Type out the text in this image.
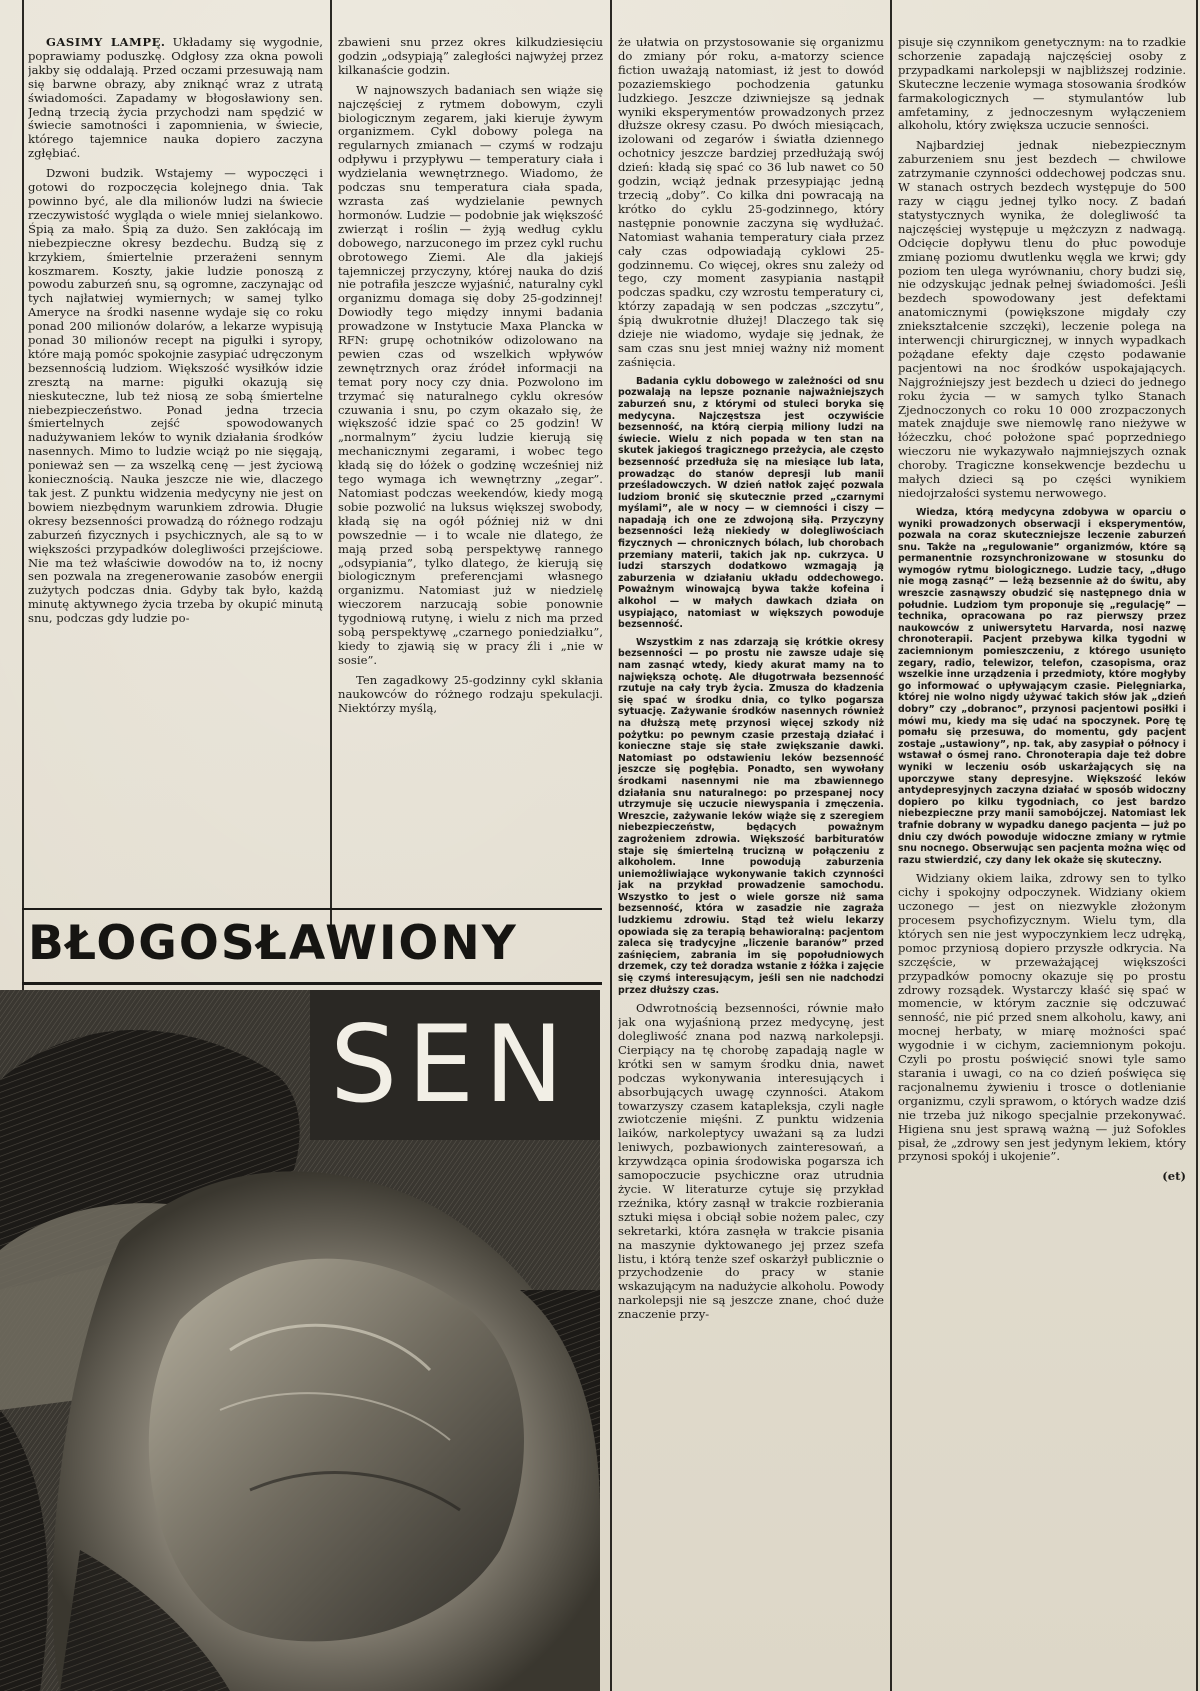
GASIMY LAMPĘ. Układamy się wygodnie, poprawiamy poduszkę. Odgłosy zza okna powoli jakby się oddalają. Przed oczami przesuwają nam się barwne obrazy, aby zniknąć wraz z utratą świadomości. Zapadamy w błogosławiony sen. Jedną trzecią życia przychodzi nam spędzić w świecie samotności i zapomnienia, w świecie, którego tajemnice nauka dopiero zaczyna zgłębiać.

Dzwoni budzik. Wstajemy — wypoczęci i gotowi do rozpoczęcia kolejnego dnia. Tak powinno być, ale dla milionów ludzi na świecie rzeczywistość wygląda o wiele mniej sielankowo. Śpią za mało. Śpią za dużo. Sen zakłócają im niebezpieczne okresy bezdechu. Budzą się z krzykiem, śmiertelnie przerażeni sennym koszmarem. Koszty, jakie ludzie ponoszą z powodu zaburzeń snu, są ogromne, zaczynając od tych najłatwiej wymiernych; w samej tylko Ameryce na środki nasenne wydaje się co roku ponad 200 milionów dolarów, a lekarze wypisują ponad 30 milionów recept na pigułki i syropy, które mają pomóc spokojnie zasypiać udręczonym bezsennością ludziom. Większość wysiłków idzie zresztą na marne: pigułki okazują się nieskuteczne, lub też niosą ze sobą śmiertelne niebezpieczeństwo. Ponad jedna trzecia śmiertelnych zejść spowodowanych nadużywaniem leków to wynik działania środków nasennych. Mimo to ludzie wciąż po nie sięgają, ponieważ sen — za wszelką cenę — jest życiową koniecznością. Nauka jeszcze nie wie, dlaczego tak jest. Z punktu widzenia medycyny nie jest on bowiem niezbędnym warunkiem zdrowia. Długie okresy bezsenności prowadzą do różnego rodzaju zaburzeń fizycznych i psychicznych, ale są to w większości przypadków dolegliwości przejściowe. Nie ma też właściwie dowodów na to, iż nocny sen pozwala na zregenerowanie zasobów energii zużytych podczas dnia. Gdyby tak było, każdą minutę aktywnego życia trzeba by okupić minutą snu, podczas gdy ludzie po-

zbawieni snu przez okres kilkudziesięciu godzin „odsypiają” zaległości najwyżej przez kilkanaście godzin.

W najnowszych badaniach sen wiąże się najczęściej z rytmem dobowym, czyli biologicznym zegarem, jaki kieruje żywym organizmem. Cykl dobowy polega na regularnych zmianach — czymś w rodzaju odpływu i przypływu — temperatury ciała i wydzielania wewnętrznego. Wiadomo, że podczas snu temperatura ciała spada, wzrasta zaś wydzielanie pewnych hormonów. Ludzie — podobnie jak większość zwierząt i roślin — żyją według cyklu dobowego, narzuconego im przez cykl ruchu obrotowego Ziemi. Ale dla jakiejś tajemniczej przyczyny, której nauka do dziś nie potrafiła jeszcze wyjaśnić, naturalny cykl organizmu domaga się doby 25-godzinnej! Dowiodły tego między innymi badania prowadzone w Instytucie Maxa Plancka w RFN: grupę ochotników odizolowano na pewien czas od wszelkich wpływów zewnętrznych oraz źródeł informacji na temat pory nocy czy dnia. Pozwolono im trzymać się naturalnego cyklu okresów czuwania i snu, po czym okazało się, że większość idzie spać co 25 godzin! W „normalnym” życiu ludzie kierują się mechanicznymi zegarami, i wobec tego kładą się do łóżek o godzinę wcześniej niż tego wymaga ich wewnętrzny „zegar”. Natomiast podczas weekendów, kiedy mogą sobie pozwolić na luksus większej swobody, kładą się na ogół później niż w dni powszednie — i to wcale nie dlatego, że mają przed sobą perspektywę rannego „odsypiania”, tylko dlatego, że kierują się biologicznym preferencjami własnego organizmu. Natomiast już w niedzielę wieczorem narzucają sobie ponownie tygodniową rutynę, i wielu z nich ma przed sobą perspektywę „czarnego poniedziałku”, kiedy to zjawią się w pracy źli i „nie w sosie”.

Ten zagadkowy 25-godzinny cykl skłania naukowców do różnego rodzaju spekulacji. Niektórzy myślą,

że ułatwia on przystosowanie się organizmu do zmiany pór roku, a-matorzy science fiction uważają natomiast, iż jest to dowód pozaziemskiego pochodzenia gatunku ludzkiego. Jeszcze dziwniejsze są jednak wyniki eksperymentów prowadzonych przez dłuższe okresy czasu. Po dwóch miesiącach, izolowani od zegarów i światła dziennego ochotnicy jeszcze bardziej przedłużają swój dzień: kładą się spać co 36 lub nawet co 50 godzin, wciąż jednak przesypiając jedną trzecią „doby”. Co kilka dni powracają na krótko do cyklu 25-godzinnego, który następnie ponownie zaczyna się wydłużać. Natomiast wahania temperatury ciała przez cały czas odpowiadają cyklowi 25-godzinnemu. Co więcej, okres snu zależy od tego, czy moment zasypiania nastąpił podczas spadku, czy wzrostu temperatury ci, którzy zapadają w sen podczas „szczytu”, śpią dwukrotnie dłużej! Dlaczego tak się dzieje nie wiadomo, wydaje się jednak, że sam czas snu jest mniej ważny niż moment zaśnięcia.

Badania cyklu dobowego w zależności od snu pozwalają na lepsze poznanie najważniejszych zaburzeń snu, z którymi od stuleci boryka się medycyna. Najczęstsza jest oczywiście bezsenność, na którą cierpią miliony ludzi na świecie. Wielu z nich popada w ten stan na skutek jakiegoś tragicznego przeżycia, ale często bezsenność przedłuża się na miesiące lub lata, prowadząc do stanów depresji lub manii prześladowczych. W dzień natłok zajęć pozwala ludziom bronić się skutecznie przed „czarnymi myślami”, ale w nocy — w ciemności i ciszy — napadają ich one ze zdwojoną siłą. Przyczyny bezsenności leżą niekiedy w dolegliwościach fizycznych — chronicznych bólach, lub chorobach przemiany materii, takich jak np. cukrzyca. U ludzi starszych dodatkowo wzmagają ją zaburzenia w działaniu układu oddechowego. Poważnym winowajcą bywa także kofeina i alkohol — w małych dawkach działa on usypiająco, natomiast w większych powoduje bezsenność.

Wszystkim z nas zdarzają się krótkie okresy bezsenności — po prostu nie zawsze udaje się nam zasnąć wtedy, kiedy akurat mamy na to największą ochotę. Ale długotrwała bezsenność rzutuje na cały tryb życia. Zmusza do kładzenia się spać w środku dnia, co tylko pogarsza sytuację. Zażywanie środków nasennych również na dłuższą metę przynosi więcej szkody niż pożytku: po pewnym czasie przestają działać i konieczne staje się stałe zwiększanie dawki. Natomiast po odstawieniu leków bezsenność jeszcze się pogłębia. Ponadto, sen wywołany środkami nasennymi nie ma zbawiennego działania snu naturalnego: po przespanej nocy utrzymuje się uczucie niewyspania i zmęczenia. Wreszcie, zażywanie leków wiąże się z szeregiem niebezpieczeństw, będących poważnym zagrożeniem zdrowia. Większość barbituratów staje się śmiertelną trucizną w połączeniu z alkoholem. Inne powodują zaburzenia uniemożliwiające wykonywanie takich czynności jak na przykład prowadzenie samochodu. Wszystko to jest o wiele gorsze niż sama bezsenność, która w zasadzie nie zagraża ludzkiemu zdrowiu. Stąd też wielu lekarzy opowiada się za terapią behawioralną: pacjentom zaleca się tradycyjne „liczenie baranów” przed zaśnięciem, zabrania im się popołudniowych drzemek, czy też doradza wstanie z łóżka i zajęcie się czymś interesującym, jeśli sen nie nadchodzi przez dłuższy czas.

Odwrotnością bezsenności, równie mało jak ona wyjaśnioną przez medycynę, jest dolegliwość znana pod nazwą narkolepsji. Cierpiący na tę chorobę zapadają nagle w krótki sen w samym środku dnia, nawet podczas wykonywania interesujących i absorbujących uwagę czynności. Atakom towarzyszy czasem katapleksja, czyli nagłe zwiotczenie mięśni. Z punktu widzenia laików, narkoleptycy uważani są za ludzi leniwych, pozbawionych zainteresowań, a krzywdząca opinia środowiska pogarsza ich samopoczucie psychiczne oraz utrudnia życie. W literaturze cytuje się przykład rzeźnika, który zasnął w trakcie rozbierania sztuki mięsa i obciął sobie nożem palec, czy sekretarki, która zasnęła w trakcie pisania na maszynie dyktowanego jej przez szefa listu, i którą tenże szef oskarżył publicznie o przychodzenie do pracy w stanie wskazującym na nadużycie alkoholu. Powody narkolepsji nie są jeszcze znane, choć duże znaczenie przy-

pisuje się czynnikom genetycznym: na to rzadkie schorzenie zapadają najczęściej osoby z przypadkami narkolepsji w najbliższej rodzinie. Skuteczne leczenie wymaga stosowania środków farmakologicznych — stymulantów lub amfetaminy, z jednoczesnym wyłączeniem alkoholu, który zwiększa uczucie senności.

Najbardziej jednak niebezpiecznym zaburzeniem snu jest bezdech — chwilowe zatrzymanie czynności oddechowej podczas snu. W stanach ostrych bezdech występuje do 500 razy w ciągu jednej tylko nocy. Z badań statystycznych wynika, że dolegliwość ta najczęściej występuje u mężczyzn z nadwagą. Odcięcie dopływu tlenu do płuc powoduje zmianę poziomu dwutlenku węgla we krwi; gdy poziom ten ulega wyrównaniu, chory budzi się, nie odzyskując jednak pełnej świadomości. Jeśli bezdech spowodowany jest defektami anatomicznymi (powiększone migdały czy zniekształcenie szczęki), leczenie polega na interwencji chirurgicznej, w innych wypadkach pożądane efekty daje często podawanie pacjentowi na noc środków uspokajających. Najgroźniejszy jest bezdech u dzieci do jednego roku życia — w samych tylko Stanach Zjednoczonych co roku 10 000 zrozpaczonych matek znajduje swe niemowlę rano nieżywe w łóżeczku, choć położone spać poprzedniego wieczoru nie wykazywało najmniejszych oznak choroby. Tragiczne konsekwencje bezdechu u małych dzieci są po części wynikiem niedojrzałości systemu nerwowego.

Wiedza, którą medycyna zdobywa w oparciu o wyniki prowadzonych obserwacji i eksperymentów, pozwala na coraz skuteczniejsze leczenie zaburzeń snu. Także na „regulowanie” organizmów, które są permanentnie rozsynchronizowane w stosunku do wymogów rytmu biologicznego. Ludzie tacy, „długo nie mogą zasnąć” — leżą bezsennie aż do świtu, aby wreszcie zasnąwszy obudzić się następnego dnia w południe. Ludziom tym proponuje się „regulację” — technika, opracowana po raz pierwszy przez naukowców z uniwersytetu Harvarda, nosi nazwę chronoterapii. Pacjent przebywa kilka tygodni w zaciemnionym pomieszczeniu, z którego usunięto zegary, radio, telewizor, telefon, czasopisma, oraz wszelkie inne urządzenia i przedmioty, które mogłyby go informować o upływającym czasie. Pielęgniarka, której nie wolno nigdy używać takich słów jak „dzień dobry” czy „dobranoc”, przynosi pacjentowi posiłki i mówi mu, kiedy ma się udać na spoczynek. Porę tę pomału się przesuwa, do momentu, gdy pacjent zostaje „ustawiony”, np. tak, aby zasypiał o północy i wstawał o ósmej rano. Chronoterapia daje też dobre wyniki w leczeniu osób uskarżających się na uporczywe stany depresyjne. Większość leków antydepresyjnych zaczyna działać w sposób widoczny dopiero po kilku tygodniach, co jest bardzo niebezpieczne przy manii samobójczej. Natomiast lek trafnie dobrany w wypadku danego pacjenta — już po dniu czy dwóch powoduje widoczne zmiany w rytmie snu nocnego. Obserwując sen pacjenta można więc od razu stwierdzić, czy dany lek okaże się skuteczny.

Widziany okiem laika, zdrowy sen to tylko cichy i spokojny odpoczynek. Widziany okiem uczonego — jest on niezwykle złożonym procesem psychofizycznym. Wielu tym, dla których sen nie jest wypoczynkiem lecz udręką, pomoc przyniosą dopiero przyszłe odkrycia. Na szczęście, w przeważającej większości przypadków pomocny okazuje się po prostu zdrowy rozsądek. Wystarczy kłaść się spać w momencie, w którym zacznie się odczuwać senność, nie pić przed snem alkoholu, kawy, ani mocnej herbaty, w miarę możności spać wygodnie i w cichym, zaciemnionym pokoju. Czyli po prostu poświęcić snowi tyle samo starania i uwagi, co na co dzień poświęca się racjonalnemu żywieniu i trosce o dotlenianie organizmu, czyli sprawom, o których wadze dziś nie trzeba już nikogo specjalnie przekonywać. Higiena snu jest sprawą ważną — już Sofokles pisał, że „zdrowy sen jest jedynym lekiem, który przynosi spokój i ukojenie”.

(et)

BŁOGOSŁAWIONY
SEN
